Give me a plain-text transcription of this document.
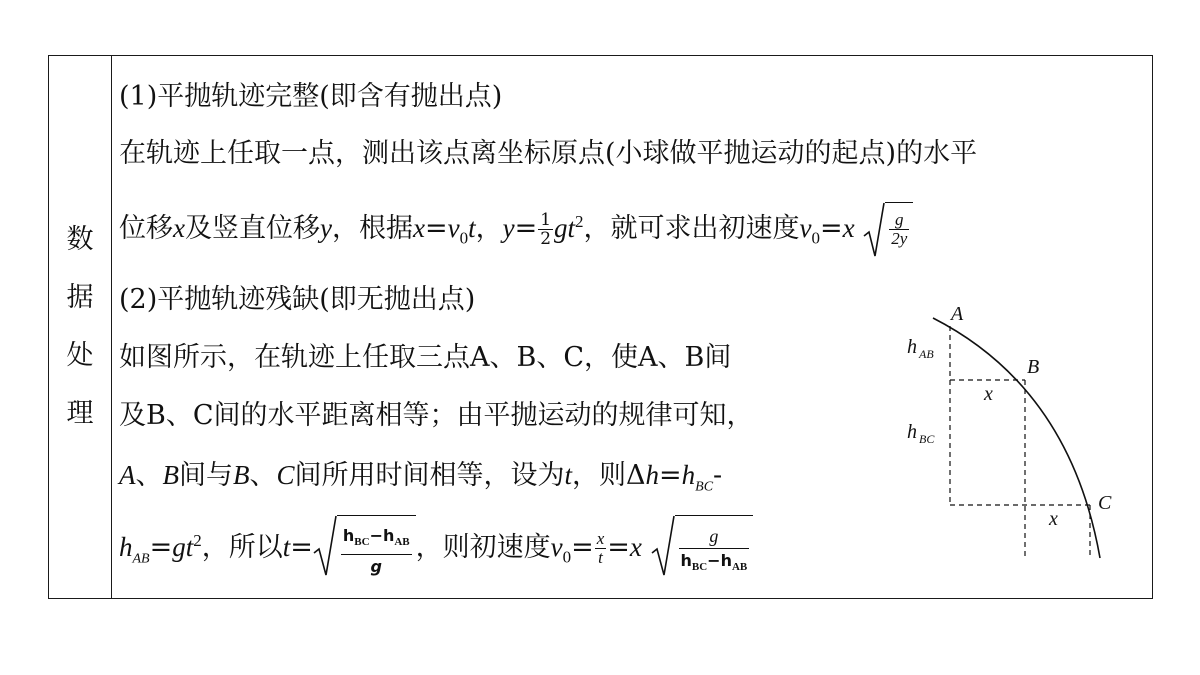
数
据
处
理
(1)平抛轨迹完整(即含有抛出点)
在轨迹上任取一点，测出该点离坐标原点(小球做平抛运动的起点)的水平
位移x及竖直位移y，根据$x=v_0t$，$y= \frac{1}{2} gt^2$，就可求出初速度$v_0=x \frac{g}{2y}$
(2)平抛轨迹残缺(即无抛出点)
如图所示，在轨迹上任取三点A、B、C，使A、B间
及B、C间的水平距离相等；由平抛运动的规律可知，
A、B间与B、C间所用时间相等，设为t，则$\Delta h=h_{BC}-$
$h_{AB}=gt^2$，所以$t= \frac{h_{BC}-h_{AB}}{g}$ ，则初速度$v_0= \frac{x}{t} =x \frac{g}{h_{BC}-h_{AB}}$
A
B
C
h AB
h BC
x
x
